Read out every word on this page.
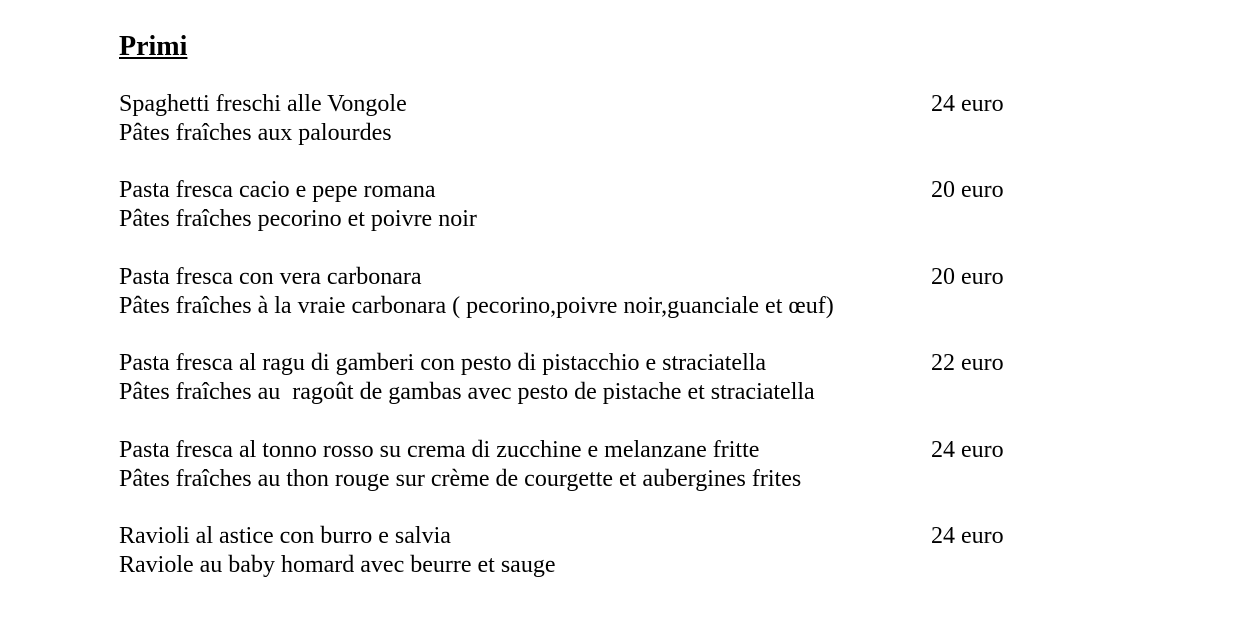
Primi
Spaghetti freschi alle Vongole
Pâtes fraîches aux palourdes
24 euro
Pasta fresca cacio e pepe romana
Pâtes fraîches pecorino et poivre noir
20 euro
Pasta fresca con vera carbonara
Pâtes fraîches à la vraie carbonara ( pecorino,poivre noir,guanciale et œuf)
20 euro
Pasta fresca al ragu di gamberi con pesto di pistacchio e straciatella
Pâtes fraîches au  ragoût de gambas avec pesto de pistache et straciatella
22 euro
Pasta fresca al tonno rosso su crema di zucchine e melanzane fritte
Pâtes fraîches au thon rouge sur crème de courgette et aubergines frites
24 euro
Ravioli al astice con burro e salvia
Raviole au baby homard avec beurre et sauge
24 euro
